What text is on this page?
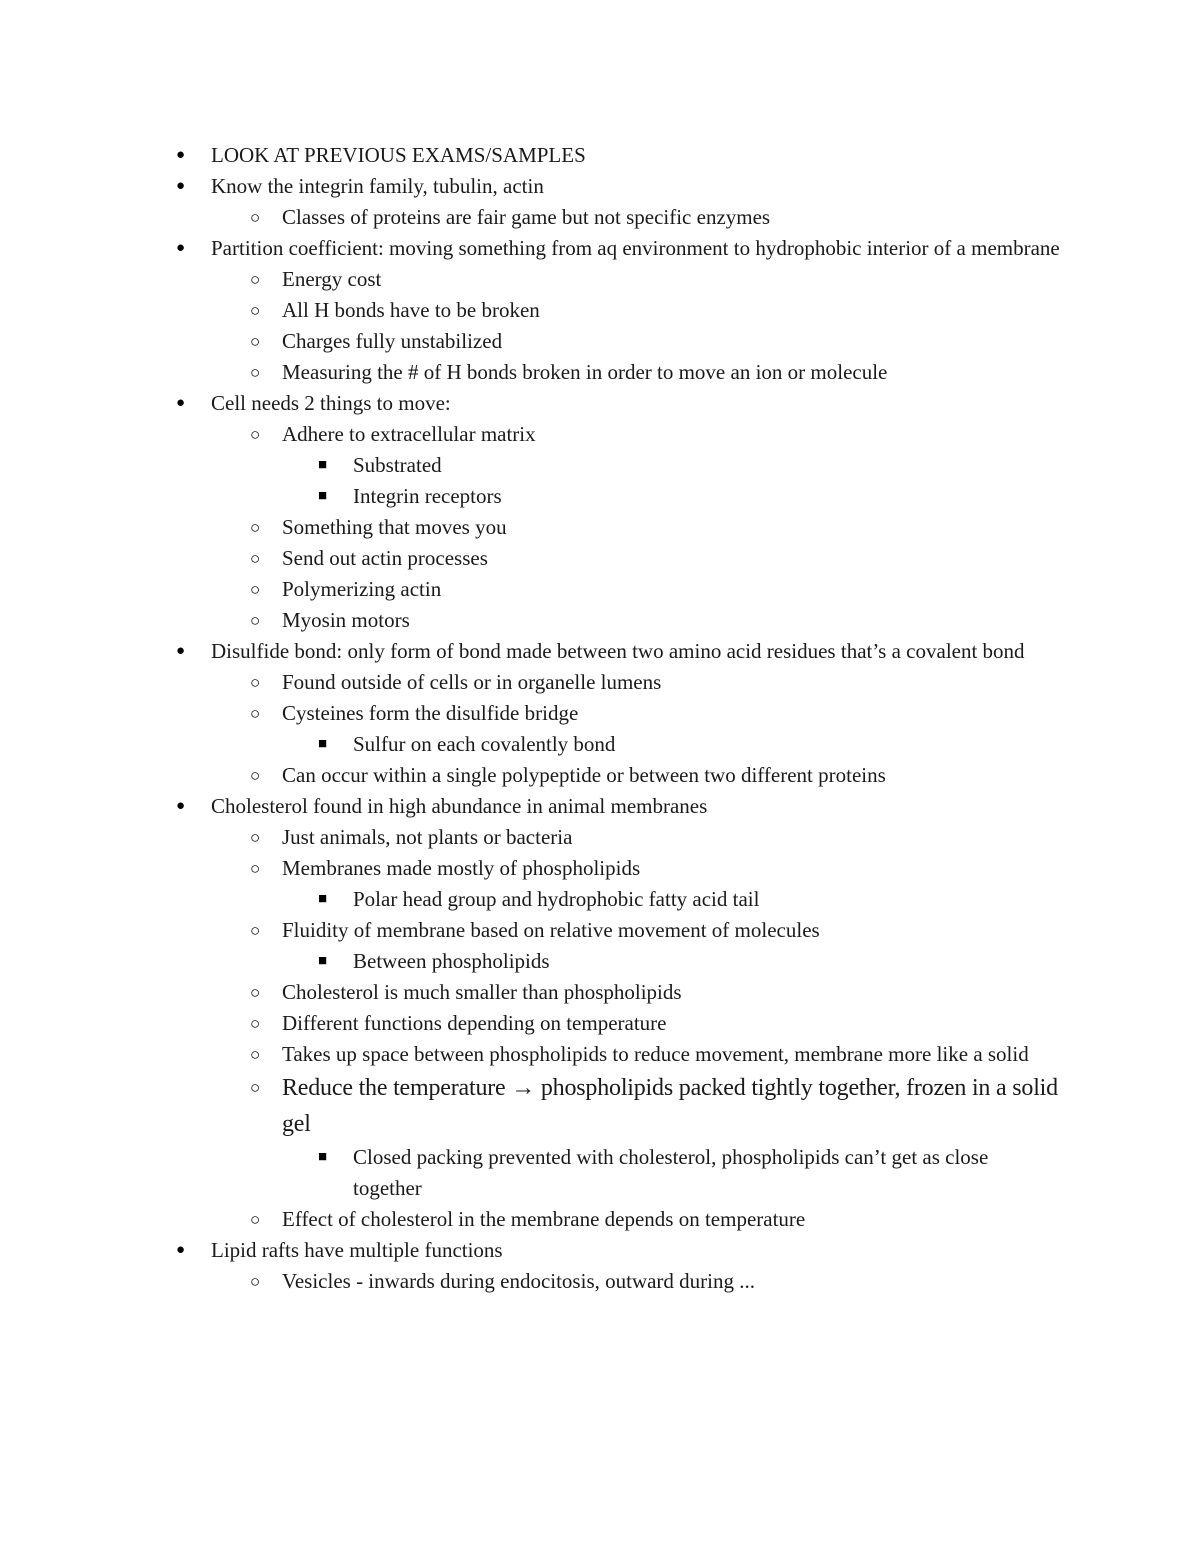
● LOOK AT PREVIOUS EXAMS/SAMPLES
● Know the integrin family, tubulin, actin
○ Classes of proteins are fair game but not specific enzymes
● Partition coefficient: moving something from aq environment to hydrophobic interior of a membrane
○ Energy cost
○ All H bonds have to be broken
○ Charges fully unstabilized
○ Measuring the # of H bonds broken in order to move an ion or molecule
● Cell needs 2 things to move:
○ Adhere to extracellular matrix
■ Substrated
■ Integrin receptors
○ Something that moves you
○ Send out actin processes
○ Polymerizing actin
○ Myosin motors
● Disulfide bond: only form of bond made between two amino acid residues that’s a covalent bond
○ Found outside of cells or in organelle lumens
○ Cysteines form the disulfide bridge
■ Sulfur on each covalently bond
○ Can occur within a single polypeptide or between two different proteins
● Cholesterol found in high abundance in animal membranes
○ Just animals, not plants or bacteria
○ Membranes made mostly of phospholipids
■ Polar head group and hydrophobic fatty acid tail
○ Fluidity of membrane based on relative movement of molecules
■ Between phospholipids
○ Cholesterol is much smaller than phospholipids
○ Different functions depending on temperature
○ Takes up space between phospholipids to reduce movement, membrane more like a solid
○ Reduce the temperature → phospholipids packed tightly together, frozen in a solid gel
■ Closed packing prevented with cholesterol, phospholipids can’t get as close together
○ Effect of cholesterol in the membrane depends on temperature
● Lipid rafts have multiple functions
○ Vesicles - inwards during endocitosis, outward during ...
